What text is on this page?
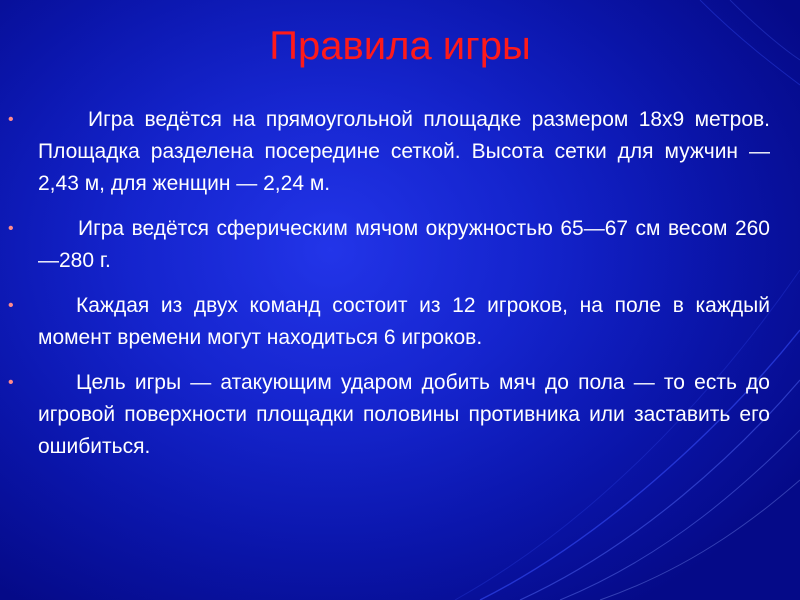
Правила игры
•	Игра ведётся на прямоугольной площадке размером 18х9 метров. Площадка разделена посередине сеткой. Высота сетки для мужчин — 2,43 м, для женщин — 2,24 м.
•	Игра ведётся сферическим мячом окружностью 65—67 см весом 260—280 г.
•	Каждая из двух команд состоит из 12 игроков, на поле в каждый момент времени могут находиться 6 игроков.
•	Цель игры — атакующим ударом добить мяч до пола — то есть до игровой поверхности площадки половины противника или заставить его ошибиться.
